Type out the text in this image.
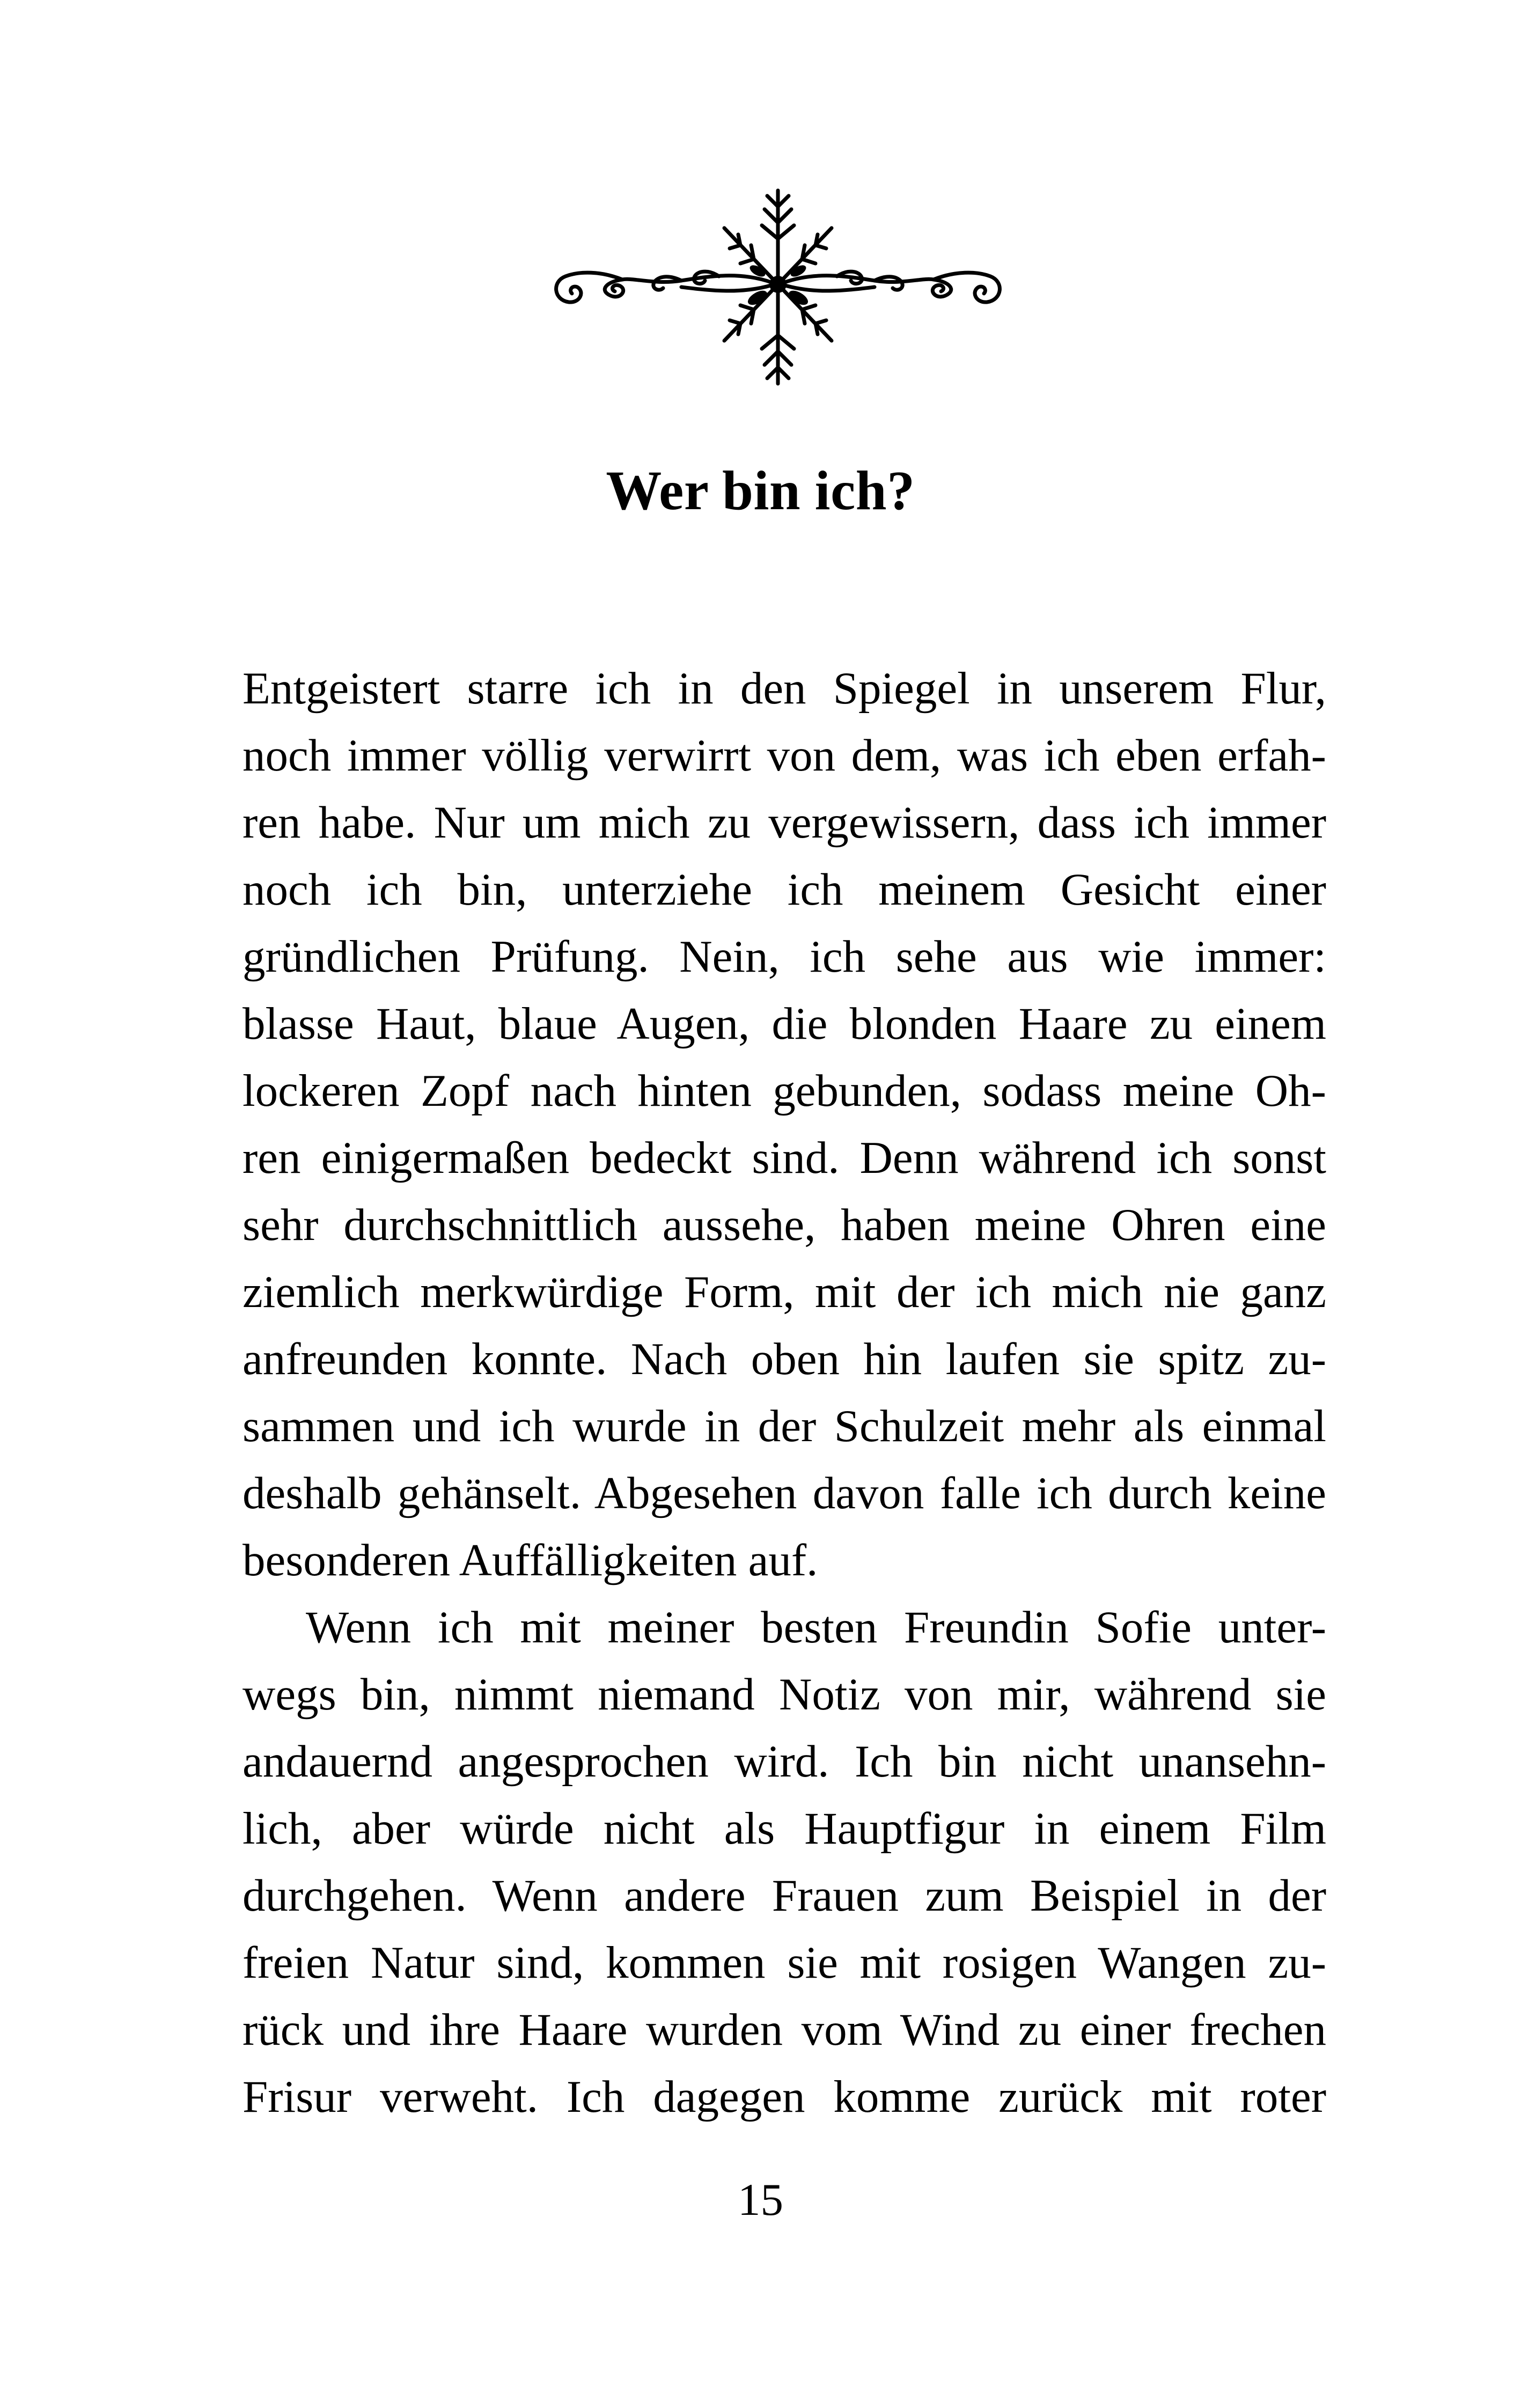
Wer bin ich?
Entgeistert starre ich in den Spiegel in unserem Flur,
noch immer völlig verwirrt von dem, was ich eben erfah-
ren habe. Nur um mich zu vergewissern, dass ich immer
noch ich bin, unterziehe ich meinem Gesicht einer
gründlichen Prüfung. Nein, ich sehe aus wie immer:
blasse Haut, blaue Augen, die blonden Haare zu einem
lockeren Zopf nach hinten gebunden, sodass meine Oh-
ren einigermaßen bedeckt sind. Denn während ich sonst
sehr durchschnittlich aussehe, haben meine Ohren eine
ziemlich merkwürdige Form, mit der ich mich nie ganz
anfreunden konnte. Nach oben hin laufen sie spitz zu-
sammen und ich wurde in der Schulzeit mehr als einmal
deshalb gehänselt. Abgesehen davon falle ich durch keine
besonderen Auffälligkeiten auf.
Wenn ich mit meiner besten Freundin Sofie unter-
wegs bin, nimmt niemand Notiz von mir, während sie
andauernd angesprochen wird. Ich bin nicht unansehn-
lich, aber würde nicht als Hauptfigur in einem Film
durchgehen. Wenn andere Frauen zum Beispiel in der
freien Natur sind, kommen sie mit rosigen Wangen zu-
rück und ihre Haare wurden vom Wind zu einer frechen
Frisur verweht. Ich dagegen komme zurück mit roter
15
